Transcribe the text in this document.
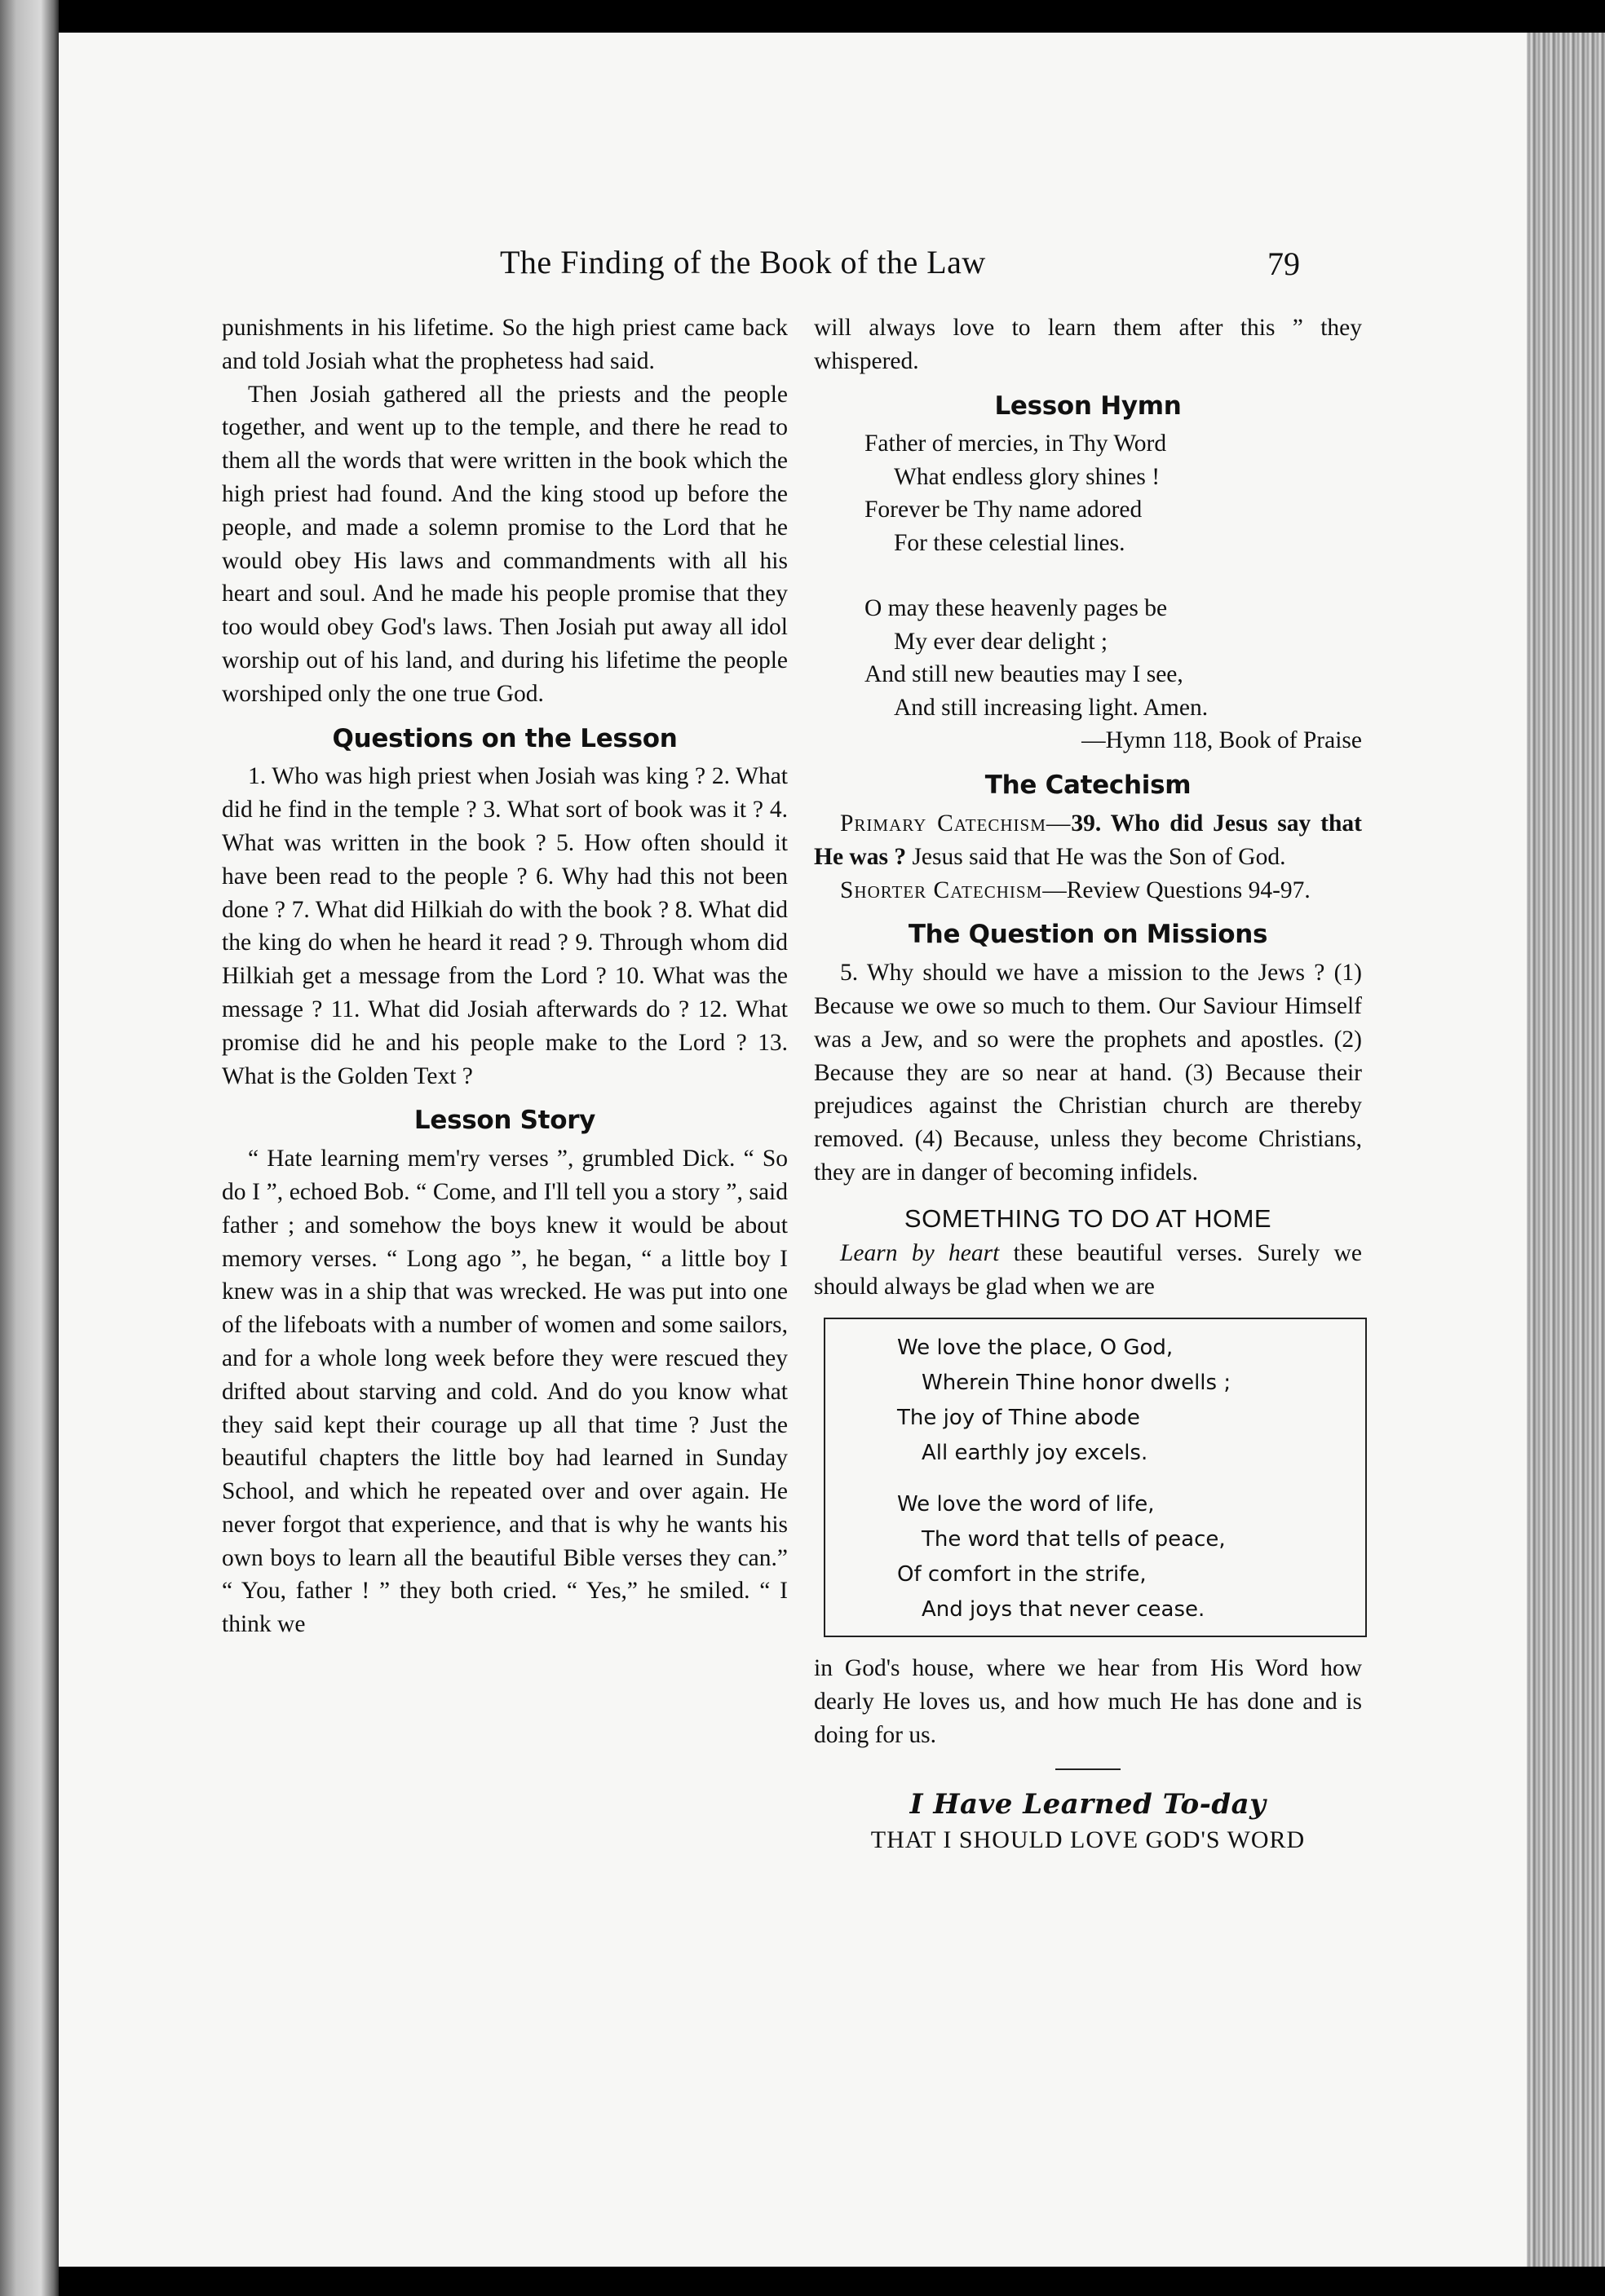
The Finding of the Book of the Law	79

punishments in his lifetime. So the high priest came back and told Josiah what the prophetess had said.

Then Josiah gathered all the priests and the people together, and went up to the temple, and there he read to them all the words that were written in the book which the high priest had found. And the king stood up before the people, and made a solemn promise to the Lord that he would obey His laws and commandments with all his heart and soul. And he made his people promise that they too would obey God's laws. Then Josiah put away all idol worship out of his land, and during his lifetime the people worshiped only the one true God.

Questions on the Lesson

1. Who was high priest when Josiah was king ? 2. What did he find in the temple ? 3. What sort of book was it ? 4. What was written in the book ? 5. How often should it have been read to the people ? 6. Why had this not been done ? 7. What did Hilkiah do with the book ? 8. What did the king do when he heard it read ? 9. Through whom did Hilkiah get a message from the Lord ? 10. What was the message ? 11. What did Josiah afterwards do ? 12. What promise did he and his people make to the Lord ? 13. What is the Golden Text ?

Lesson Story

“ Hate learning mem'ry verses ”, grumbled Dick. “ So do I ”, echoed Bob. “ Come, and I'll tell you a story ”, said father ; and somehow the boys knew it would be about memory verses. “ Long ago ”, he began, “ a little boy I knew was in a ship that was wrecked. He was put into one of the lifeboats with a number of women and some sailors, and for a whole long week before they were rescued they drifted about starving and cold. And do you know what they said kept their courage up all that time ? Just the beautiful chapters the little boy had learned in Sunday School, and which he repeated over and over again. He never forgot that experience, and that is why he wants his own boys to learn all the beautiful Bible verses they can.” “ You, father ! ” they both cried. “ Yes,” he smiled. “ I think we

will always love to learn them after this ” they whispered.

Lesson Hymn
Father of mercies, in Thy Word
What endless glory shines !
Forever be Thy name adored
For these celestial lines.
O may these heavenly pages be
My ever dear delight ;
And still new beauties may I see,
And still increasing light. Amen.
—Hymn 118, Book of Praise
The Catechism

Primary Catechism—39. Who did Jesus say that He was ? Jesus said that He was the Son of God.

Shorter Catechism—Review Questions 94-97.

The Question on Missions

5. Why should we have a mission to the Jews ? (1) Because we owe so much to them. Our Saviour Himself was a Jew, and so were the prophets and apostles. (2) Because they are so near at hand. (3) Because their prejudices against the Christian church are thereby removed. (4) Because, unless they become Christians, they are in danger of becoming infidels.

SOMETHING TO DO AT HOME

Learn by heart these beautiful verses. Surely we should always be glad when we are

We love the place, O God,
Wherein Thine honor dwells ;
The joy of Thine abode
All earthly joy excels.
We love the word of life,
The word that tells of peace,
Of comfort in the strife,
And joys that never cease.

in God's house, where we hear from His Word how dearly He loves us, and how much He has done and is doing for us.

I Have Learned To-day
THAT I SHOULD LOVE GOD'S WORD
